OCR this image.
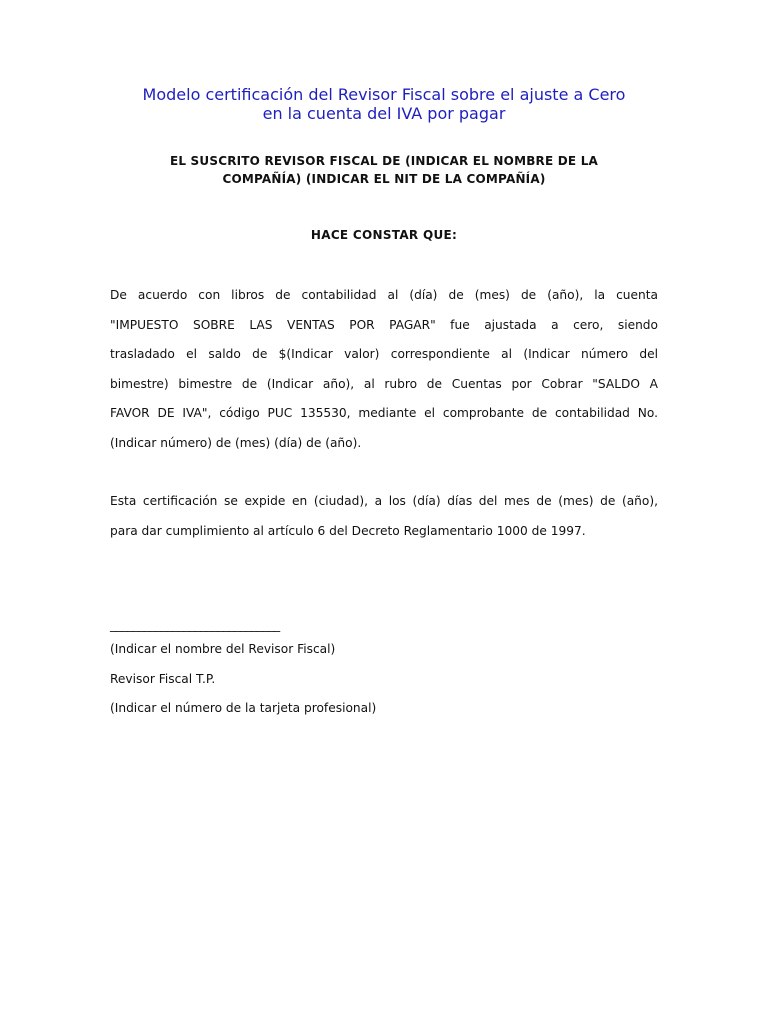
Modelo certificación del Revisor Fiscal sobre el ajuste a Cero
en la cuenta del IVA por pagar
EL SUSCRITO REVISOR FISCAL DE (INDICAR EL NOMBRE DE LA
COMPAÑÍA) (INDICAR EL NIT DE LA COMPAÑÍA)
HACE CONSTAR QUE:
De acuerdo con libros de contabilidad al (día) de (mes) de (año), la cuenta
"IMPUESTO SOBRE LAS VENTAS POR PAGAR" fue ajustada a cero, siendo
trasladado el saldo de $(Indicar valor) correspondiente al (Indicar número del
bimestre) bimestre de (Indicar año), al rubro de Cuentas por Cobrar "SALDO A
FAVOR DE IVA", código PUC 135530, mediante el comprobante de contabilidad No.
(Indicar número) de (mes) (día) de (año).
Esta certificación se expide en (ciudad), a los (día) días del mes de (mes) de (año),
para dar cumplimiento al artículo 6 del Decreto Reglamentario 1000 de 1997.
______________________________
(Indicar el nombre del Revisor Fiscal)
Revisor Fiscal T.P.
(Indicar el número de la tarjeta profesional)
